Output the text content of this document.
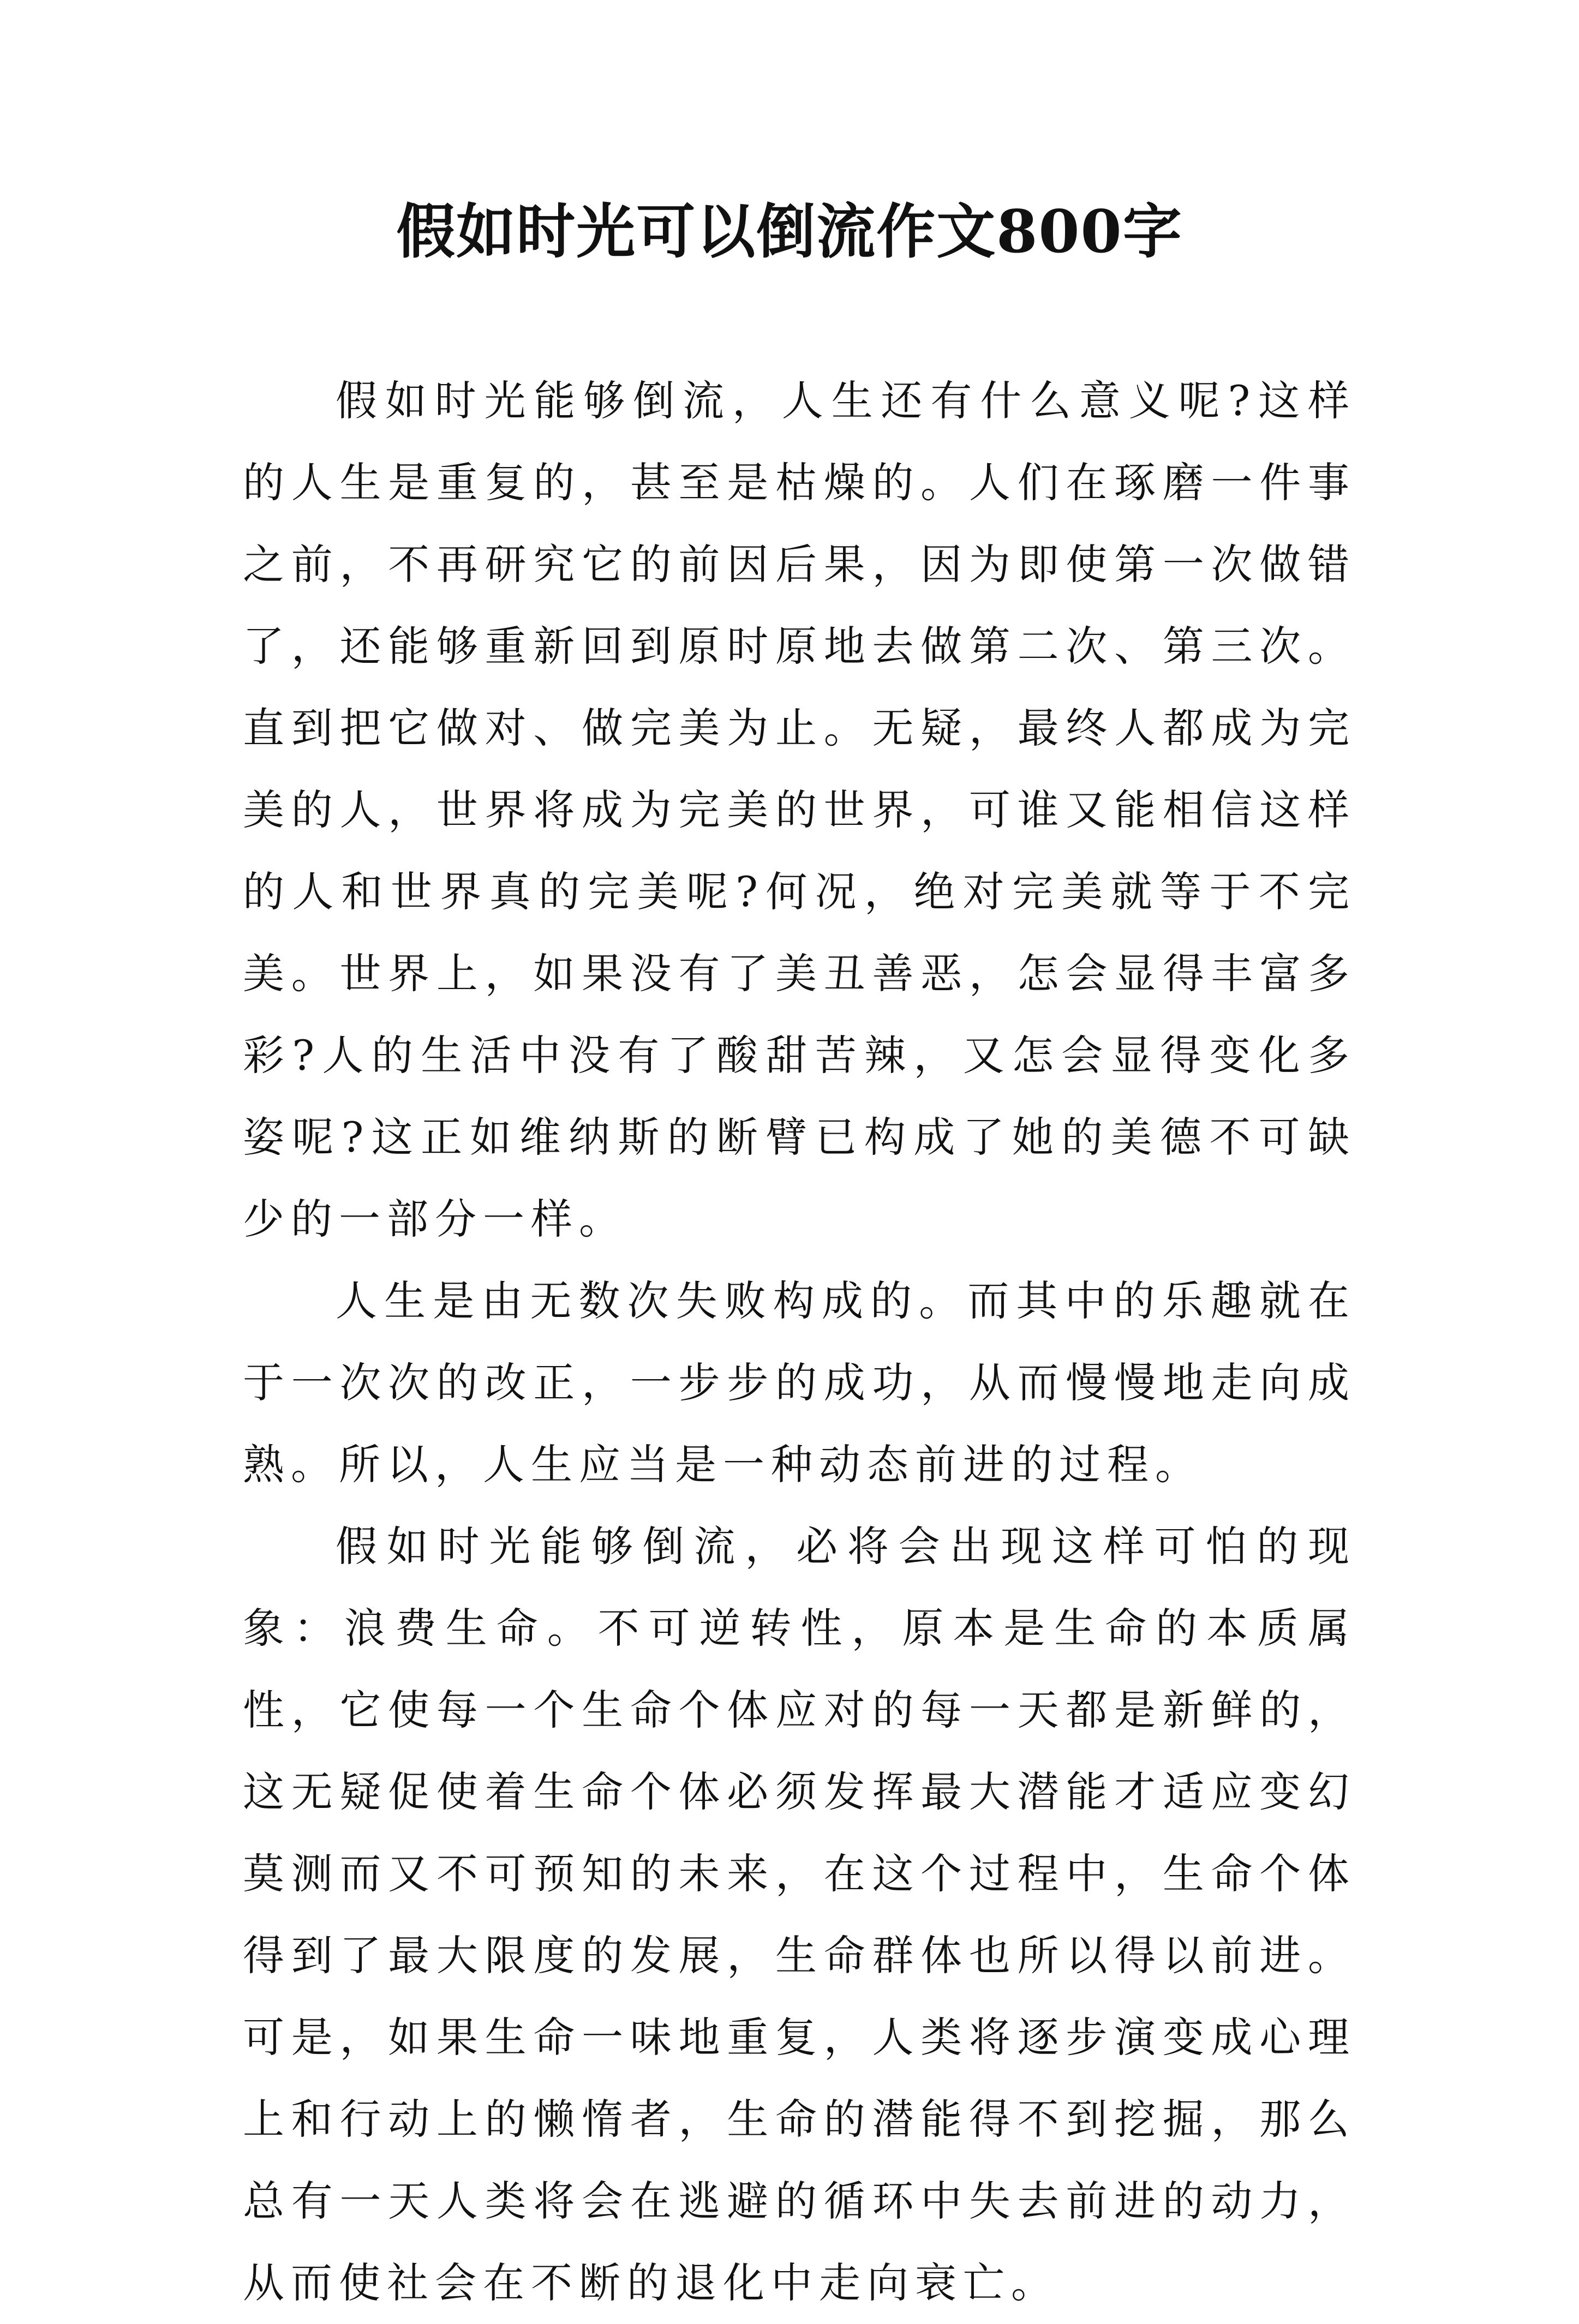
假如时光可以倒流作文800字

假如时光能够倒流，人生还有什么意义呢?这样的人生是重复的，甚至是枯燥的。人们在琢磨一件事之前，不再研究它的前因后果，因为即使第一次做错了，还能够重新回到原时原地去做第二次、第三次。直到把它做对、做完美为止。无疑，最终人都成为完美的人，世界将成为完美的世界，可谁又能相信这样的人和世界真的完美呢?何况，绝对完美就等于不完美。世界上，如果没有了美丑善恶，怎会显得丰富多彩?人的生活中没有了酸甜苦辣，又怎会显得变化多姿呢?这正如维纳斯的断臂已构成了她的美德不可缺少的一部分一样。

人生是由无数次失败构成的。而其中的乐趣就在于一次次的改正，一步步的成功，从而慢慢地走向成熟。所以，人生应当是一种动态前进的过程。

假如时光能够倒流，必将会出现这样可怕的现象：浪费生命。不可逆转性，原本是生命的本质属性，它使每一个生命个体应对的每一天都是新鲜的，这无疑促使着生命个体必须发挥最大潜能才适应变幻莫测而又不可预知的未来，在这个过程中，生命个体得到了最大限度的发展，生命群体也所以得以前进。可是，如果生命一味地重复，人类将逐步演变成心理上和行动上的懒惰者，生命的潜能得不到挖掘，那么总有一天人类将会在逃避的循环中失去前进的动力，从而使社会在不断的退化中走向衰亡。
